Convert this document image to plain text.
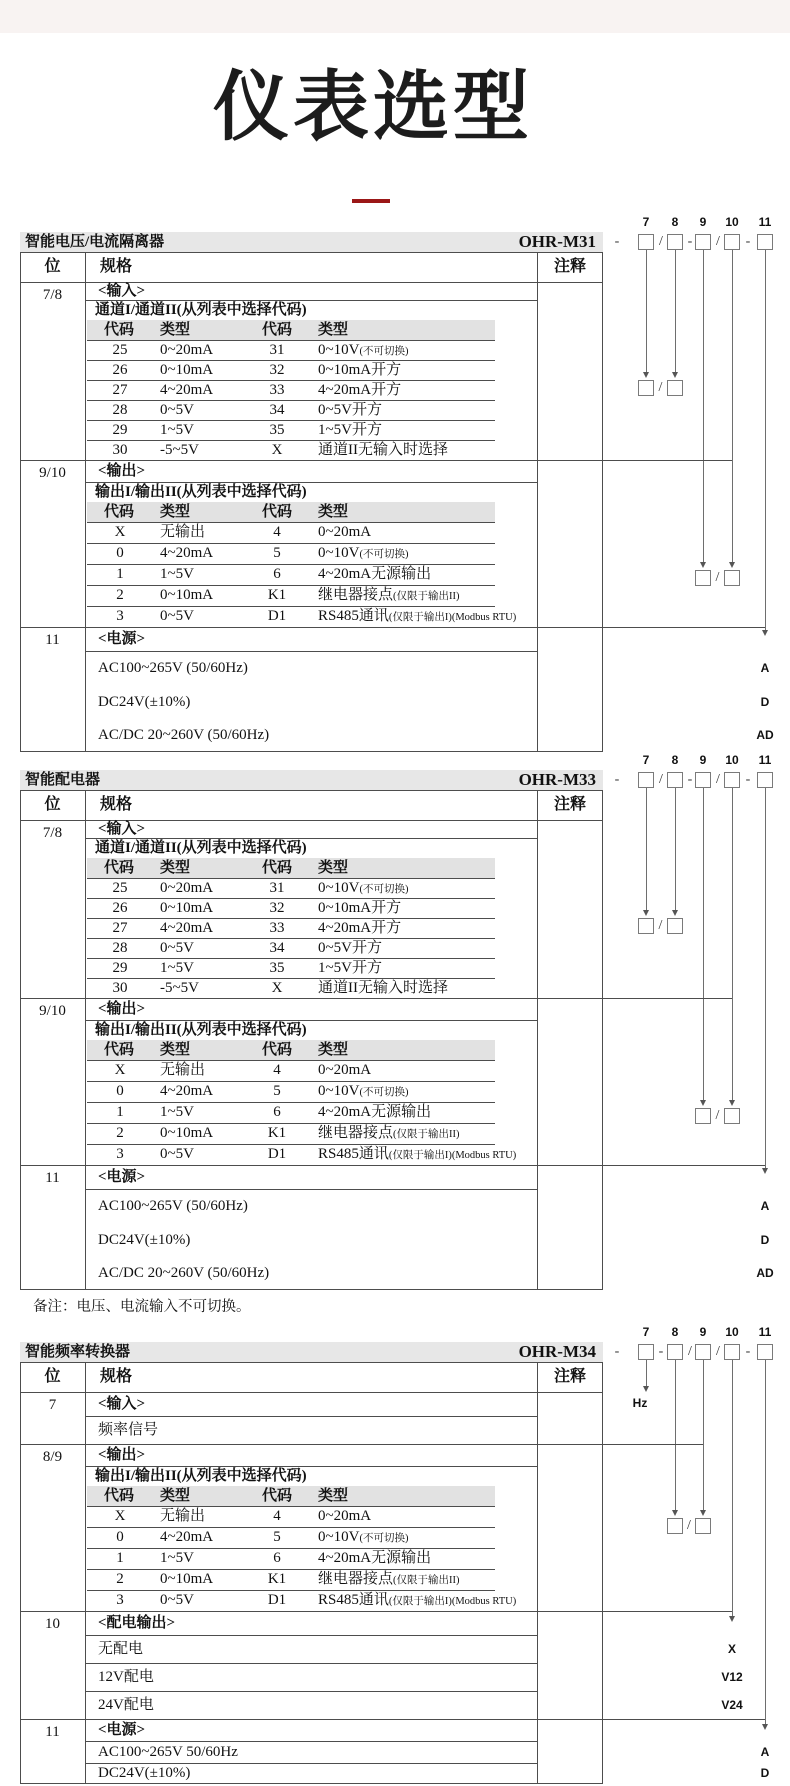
仪表选型
备注：电压、电流输入不可切换。
智能电压/电流隔离器	OHR-M31
位	规格	注释
7/8	<输入>
通道I/通道II(从列表中选择代码)
代码	类型	代码	类型
25	0~20mA	31	0~10V(不可切换)
26	0~10mA	32	0~10mA开方
27	4~20mA	33	4~20mA开方
28	0~5V	34	0~5V开方
29	1~5V	35	1~5V开方
30	-5~5V	X	通道II无输入时选择
9/10	<输出>
输出I/输出II(从列表中选择代码)
代码	类型	代码	类型
X	无输出	4	0~20mA
0	4~20mA	5	0~10V(不可切换)
1	1~5V	6	4~20mA无源输出
2	0~10mA	K1	继电器接点(仅限于输出II)
3	0~5V	D1	RS485通讯(仅限于输出I)(Modbus RTU)
11	<电源>
AC100~265V (50/60Hz)
DC24V(±10%)
AC/DC 20~260V (50/60Hz)
7	8	9	10	11
-	/ - / -
/
/
A
D
AD
智能配电器	OHR-M33
位	规格	注释
7/8	<输入>
通道I/通道II(从列表中选择代码)
代码	类型	代码	类型
25	0~20mA	31	0~10V(不可切换)
26	0~10mA	32	0~10mA开方
27	4~20mA	33	4~20mA开方
28	0~5V	34	0~5V开方
29	1~5V	35	1~5V开方
30	-5~5V	X	通道II无输入时选择
9/10	<输出>
输出I/输出II(从列表中选择代码)
代码	类型	代码	类型
X	无输出	4	0~20mA
0	4~20mA	5	0~10V(不可切换)
1	1~5V	6	4~20mA无源输出
2	0~10mA	K1	继电器接点(仅限于输出II)
3	0~5V	D1	RS485通讯(仅限于输出I)(Modbus RTU)
11	<电源>
AC100~265V (50/60Hz)
DC24V(±10%)
AC/DC 20~260V (50/60Hz)
7	8	9	10	11
-	/ - / -
/
/
A
D
AD
智能频率转换器	OHR-M34
位	规格	注释
7	<输入>
频率信号
8/9	<输出>
输出I/输出II(从列表中选择代码)
代码	类型	代码	类型
X	无输出	4	0~20mA
0	4~20mA	5	0~10V(不可切换)
1	1~5V	6	4~20mA无源输出
2	0~10mA	K1	继电器接点(仅限于输出II)
3	0~5V	D1	RS485通讯(仅限于输出I)(Modbus RTU)
10	<配电输出>
无配电
12V配电
24V配电
11	<电源>
AC100~265V 50/60Hz
DC24V(±10%)
7	8	9	10	11
-	- / / -
/
Hz
X
V12
V24
A
D
